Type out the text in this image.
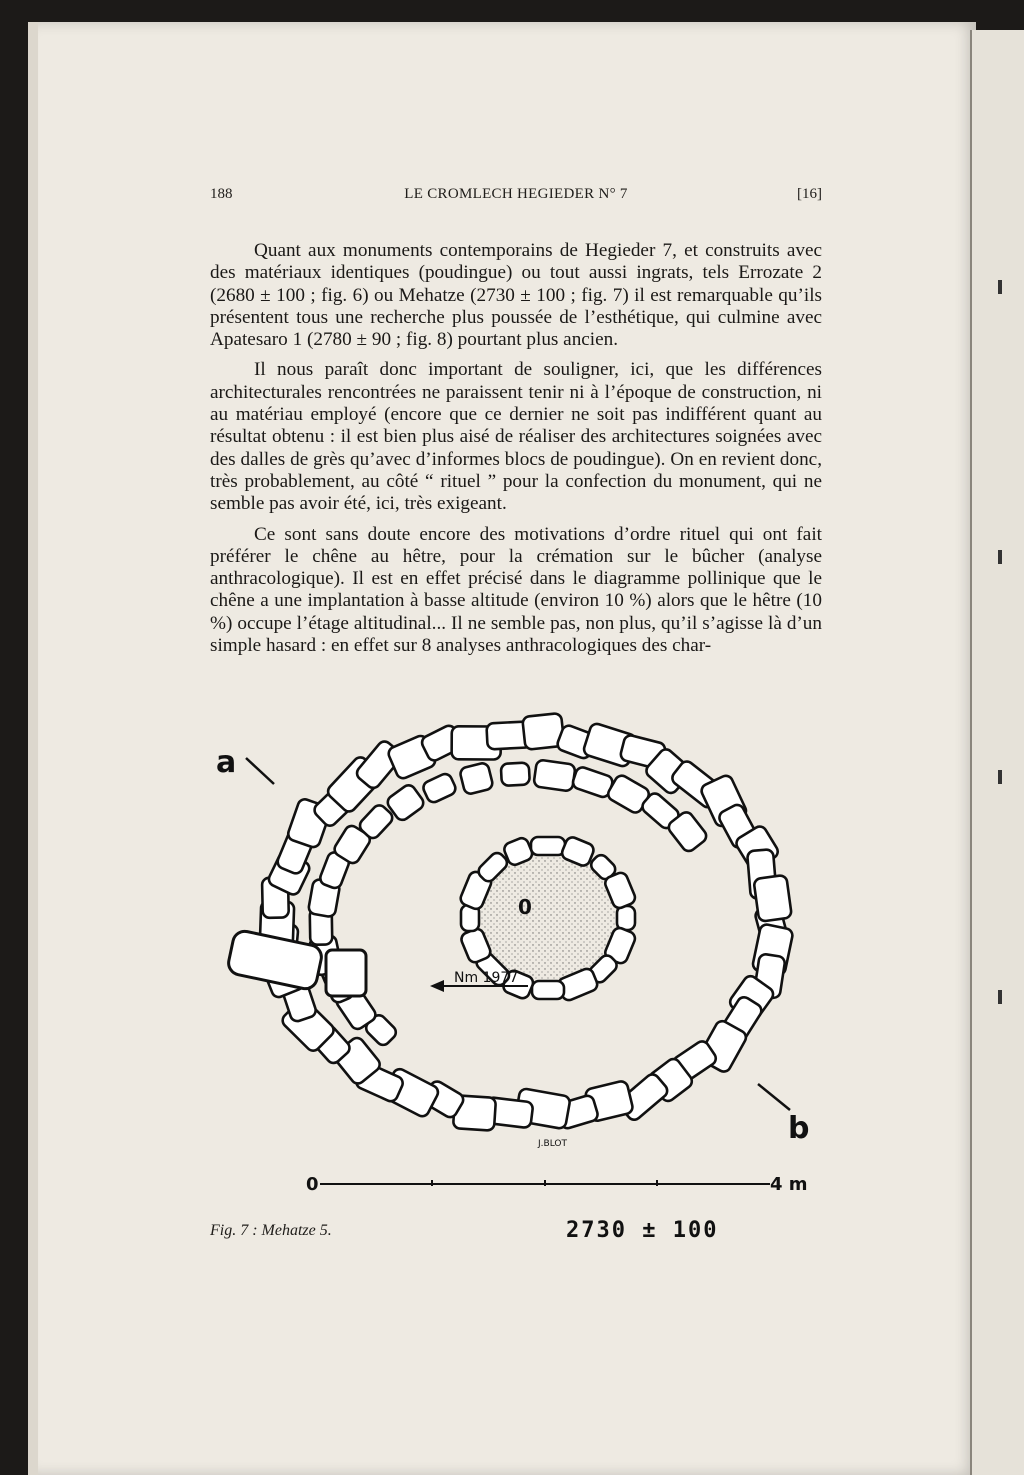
188	LE CROMLECH HEGIEDER N° 7	[16]

Quant aux monuments contemporains de Hegieder 7, et construits avec des matériaux identiques (poudingue) ou tout aussi ingrats, tels Errozate 2 (2680 ± 100 ; fig. 6) ou Mehatze (2730 ± 100 ; fig. 7) il est remarquable qu’ils présentent tous une recherche plus poussée de l’esthétique, qui culmine avec Apatesaro 1 (2780 ± 90 ; fig. 8) pourtant plus ancien.

Il nous paraît donc important de souligner, ici, que les différences architecturales rencontrées ne paraissent tenir ni à l’époque de construction, ni au matériau employé (encore que ce dernier ne soit pas indifférent quant au résultat obtenu : il est bien plus aisé de réaliser des architectures soignées avec des dalles de grès qu’avec d’informes blocs de poudingue). On en revient donc, très probablement, au côté “ rituel ” pour la confection du monument, qui ne semble pas avoir été, ici, très exigeant.

Ce sont sans doute encore des motivations d’ordre rituel qui ont fait préférer le chêne au hêtre, pour la crémation sur le bûcher (analyse anthracologique). Il est en effet précisé dans le diagramme pollinique que le chêne a une implantation à basse altitude (environ 10 %) alors que le hêtre (10 %) occupe l’étage altitudinal... Il ne semble pas, non plus, qu’il s’agisse là d’un simple hasard : en effet sur 8 analyses anthracologiques des char-

a
b
Nm 1977
0
J.BLOT
0	4 m
Fig. 7 : Mehatze 5.	2730 ± 100
